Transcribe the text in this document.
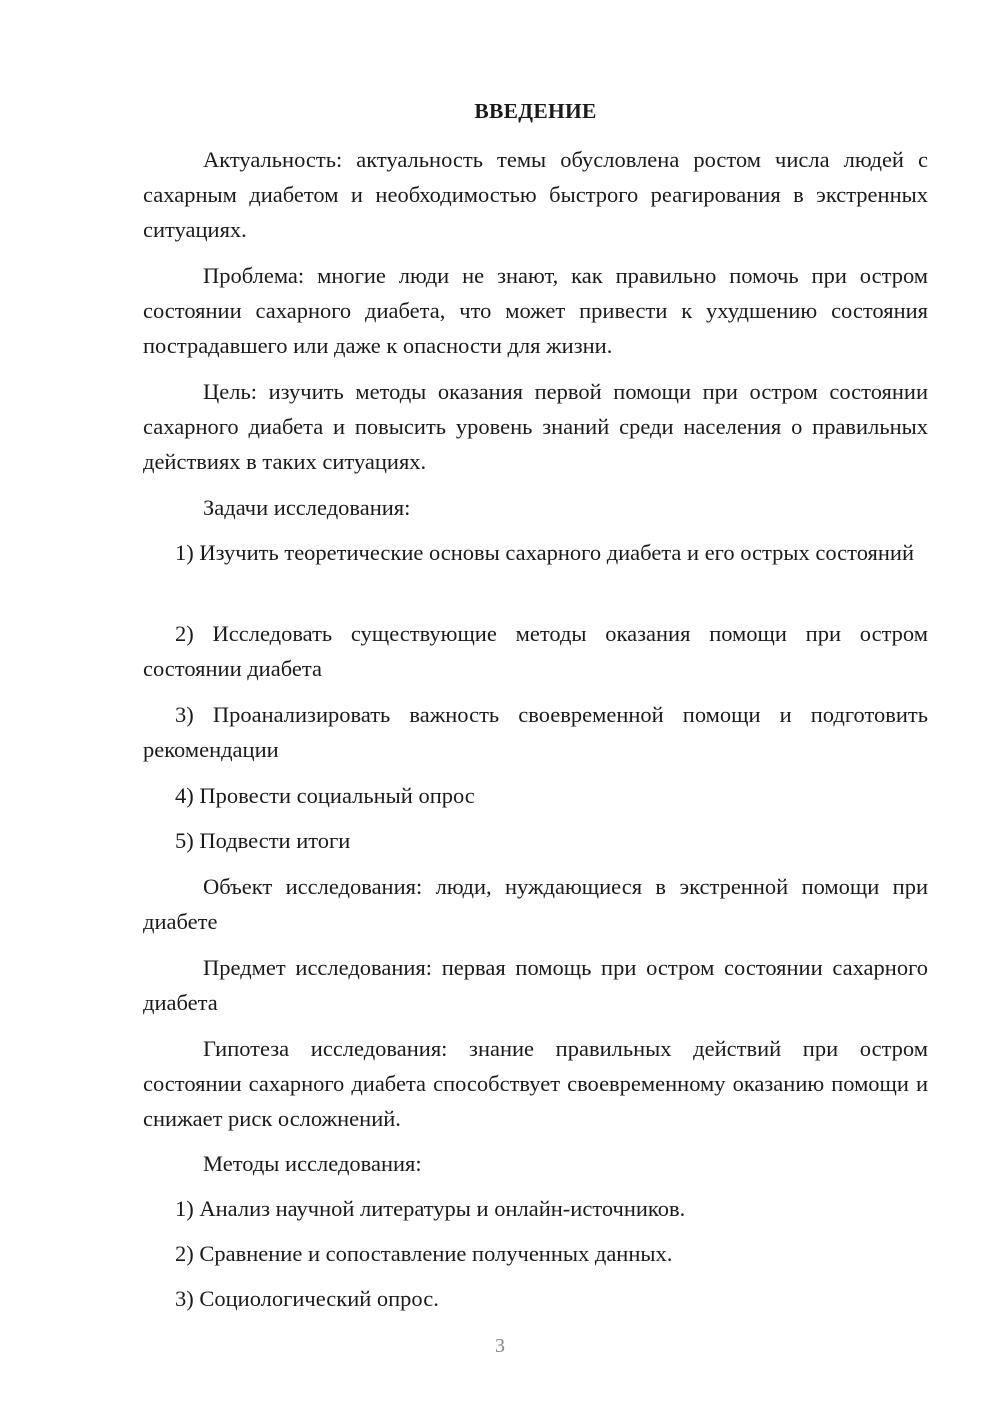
ВВЕДЕНИЕ

Актуальность: актуальность темы обусловлена ростом числа людей с сахарным диабетом и необходимостью быстрого реагирования в экстренных ситуациях.

Проблема: многие люди не знают, как правильно помочь при остром состоянии сахарного диабета, что может привести к ухудшению состояния пострадавшего или даже к опасности для жизни.

Цель: изучить методы оказания первой помощи при остром состоянии сахарного диабета и повысить уровень знаний среди населения о правильных действиях в таких ситуациях.

Задачи исследования:

1) Изучить теоретические основы сахарного диабета и его острых состояний

2) Исследовать существующие методы оказания помощи при остром состоянии диабета

3) Проанализировать важность своевременной помощи и подготовить рекомендации

4) Провести социальный опрос

5) Подвести итоги

Объект исследования: люди, нуждающиеся в экстренной помощи при диабете

Предмет исследования: первая помощь при остром состоянии сахарного диабета

Гипотеза исследования: знание правильных действий при остром состоянии сахарного диабета способствует своевременному оказанию помощи и снижает риск осложнений.

Методы исследования:

1) Анализ научной литературы и онлайн-источников.

2) Сравнение и сопоставление полученных данных.

3) Социологический опрос.

3
